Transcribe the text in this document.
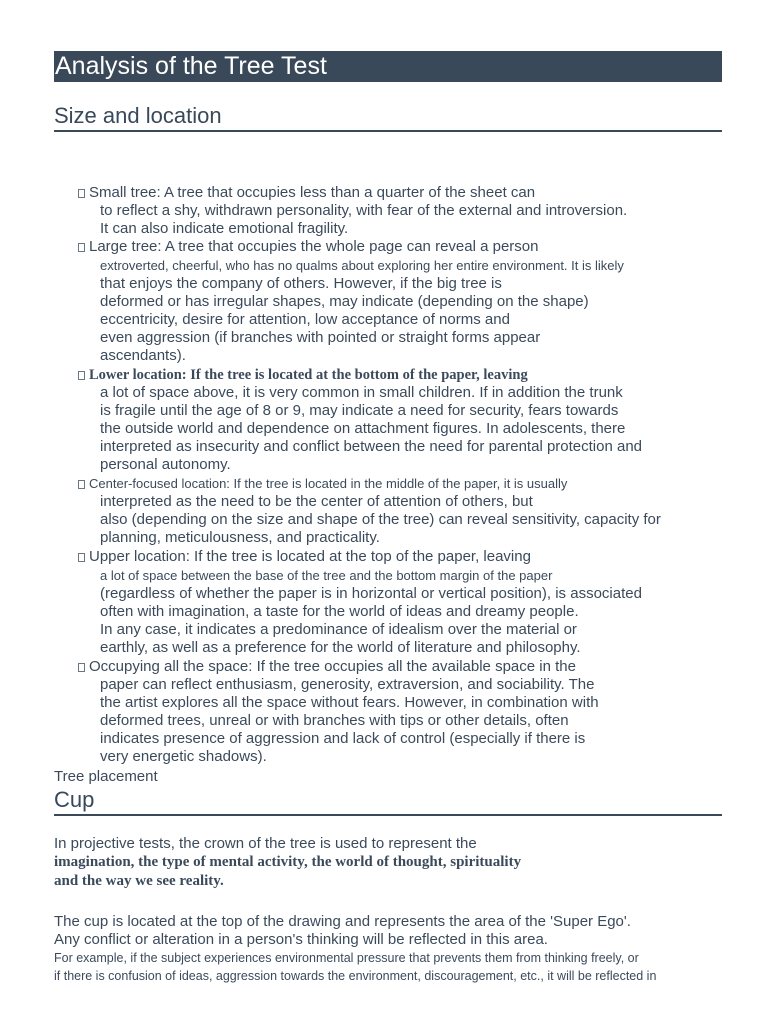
Analysis of the Tree Test
Size and location
Small tree: A tree that occupies less than a quarter of the sheet can
to reflect a shy, withdrawn personality, with fear of the external and introversion.
It can also indicate emotional fragility.
Large tree: A tree that occupies the whole page can reveal a person
extroverted, cheerful, who has no qualms about exploring her entire environment. It is likely
that enjoys the company of others. However, if the big tree is
deformed or has irregular shapes, may indicate (depending on the shape)
eccentricity, desire for attention, low acceptance of norms and
even aggression (if branches with pointed or straight forms appear
ascendants).
Lower location: If the tree is located at the bottom of the paper, leaving
a lot of space above, it is very common in small children. If in addition the trunk
is fragile until the age of 8 or 9, may indicate a need for security, fears towards
the outside world and dependence on attachment figures. In adolescents, there
interpreted as insecurity and conflict between the need for parental protection and
personal autonomy.
Center-focused location: If the tree is located in the middle of the paper, it is usually
interpreted as the need to be the center of attention of others, but
also (depending on the size and shape of the tree) can reveal sensitivity, capacity for
planning, meticulousness, and practicality.
Upper location: If the tree is located at the top of the paper, leaving
a lot of space between the base of the tree and the bottom margin of the paper
(regardless of whether the paper is in horizontal or vertical position), is associated
often with imagination, a taste for the world of ideas and dreamy people.
In any case, it indicates a predominance of idealism over the material or
earthly, as well as a preference for the world of literature and philosophy.
Occupying all the space: If the tree occupies all the available space in the
paper can reflect enthusiasm, generosity, extraversion, and sociability. The
the artist explores all the space without fears. However, in combination with
deformed trees, unreal or with branches with tips or other details, often
indicates presence of aggression and lack of control (especially if there is
very energetic shadows).
Tree placement
Cup
In projective tests, the crown of the tree is used to represent the
imagination, the type of mental activity, the world of thought, spirituality
and the way we see reality.
The cup is located at the top of the drawing and represents the area of the 'Super Ego'.
Any conflict or alteration in a person's thinking will be reflected in this area.
For example, if the subject experiences environmental pressure that prevents them from thinking freely, or
if there is confusion of ideas, aggression towards the environment, discouragement, etc., it will be reflected in
